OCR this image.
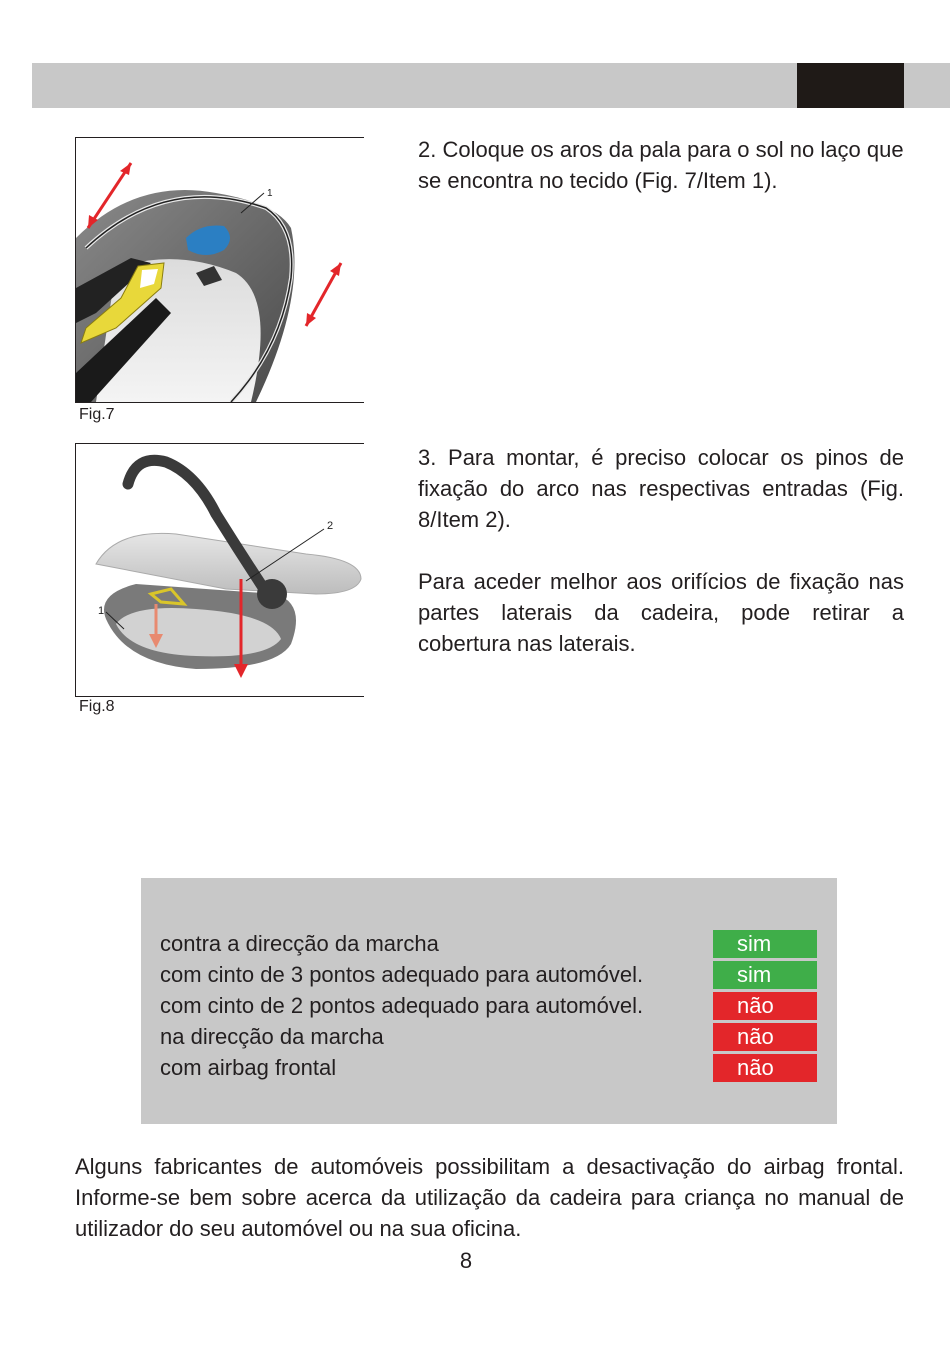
1
Fig.7
2
1
Fig.8

2. Coloque os aros da pala para o sol no laço que se encontra no tecido (Fig. 7/Item 1).

3. Para montar, é preciso colocar os pinos de fixação do arco nas respectivas entradas (Fig. 8/Item 2).

Para aceder melhor aos orifícios de fixação nas partes laterais da cadeira, pode retirar a cobertura nas laterais.

contra a direcção da marcha	sim
com cinto de 3 pontos adequado para automóvel.	sim
com cinto de 2 pontos adequado para automóvel.	não
na direcção da marcha	não
com airbag frontal	não

Alguns fabricantes de automóveis possibilitam a desactivação do airbag frontal. Informe-se bem sobre acerca da utilização da cadeira para criança no manual de utilizador do seu automóvel ou na sua oficina.

8
